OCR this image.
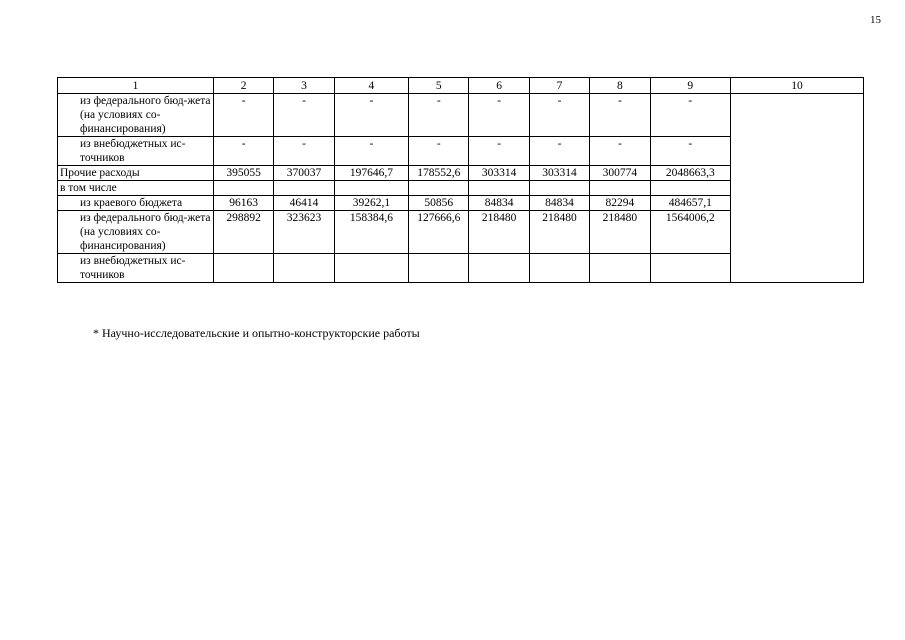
15
1	2	3	4	5	6	7	8	9	10
из федерального бюд-жета (на условиях со-финансирования)	-	-	-	-	-	-	-	-	
из внебюджетных ис-точников	-	-	-	-	-	-	-	-	
Прочие расходы	395055	370037	197646,7	178552,6	303314	303314	300774	2048663,3	
в том числе									
из краевого бюджета	96163	46414	39262,1	50856	84834	84834	82294	484657,1	
из федерального бюд-жета (на условиях со-финансирования)	298892	323623	158384,6	127666,6	218480	218480	218480	1564006,2	
из внебюджетных ис-точников									
* Научно-исследовательские и опытно-конструкторские работы
